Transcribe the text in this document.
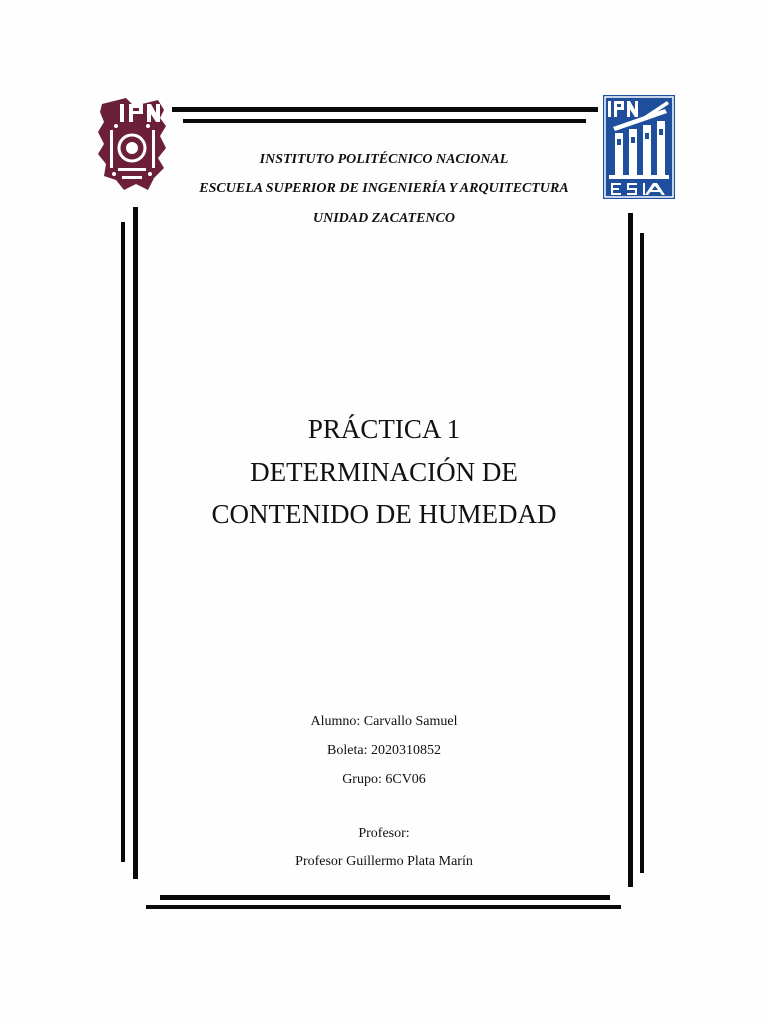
INSTITUTO POLITÉCNICO NACIONAL
ESCUELA SUPERIOR DE INGENIERÍA Y ARQUITECTURA
UNIDAD ZACATENCO
PRÁCTICA 1
DETERMINACIÓN DE
CONTENIDO DE HUMEDAD
Alumno: Carvallo Samuel
Boleta: 2020310852
Grupo: 6CV06
Profesor:
Profesor Guillermo Plata Marín
